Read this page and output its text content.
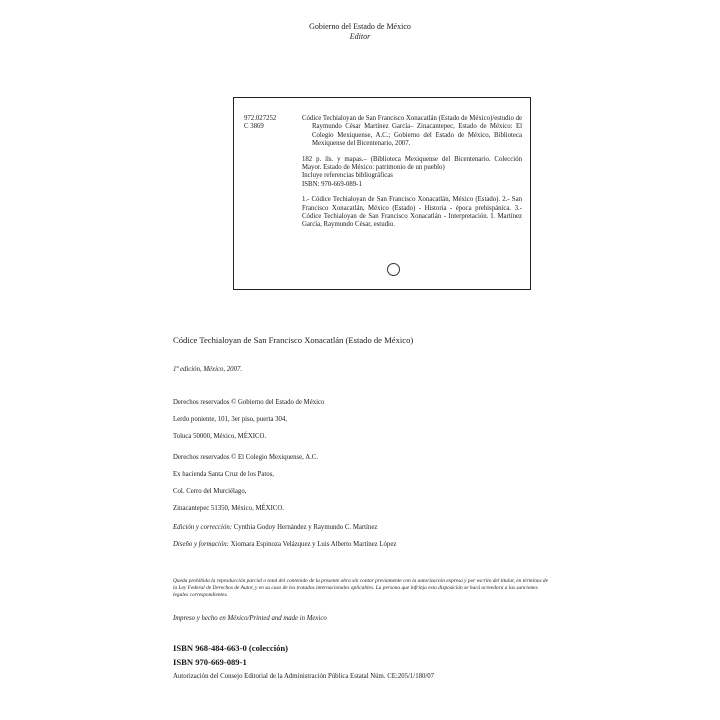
Gobierno del Estado de México
Editor
972.027252
C 3869
Códice Techialoyan de San Francisco Xonacatlán (Estado de México)/estudio de Raymundo César Martínez García– Zinacantepec, Estado de México: El Colegio Mexiquense, A.C.; Gobierno del Estado de México, Biblioteca Mexiquense del Bicentenario, 2007.
182 p. ils. y mapas.– (Biblioteca Mexiquense del Bicentenario. Colección Mayor. Estado de México: patrimonio de un pueblo)
Incluye referencias bibliográficas
ISBN: 970-669-089-1
1.- Códice Techialoyan de San Francisco Xonacatlán, México (Estado). 2.- San Francisco Xonacatlán, México (Estado) - Historia - época prehispánica. 3.- Códice Techialoyan de San Francisco Xonacatlán - Interpretación. I. Martínez García, Raymundo César, estudio.
Códice Techialoyan de San Francisco Xonacatlán (Estado de México)
1ª edición, México, 2007.
Derechos reservados © Gobierno del Estado de México
Lerdo poniente, 101, 3er piso, puerta 304,
Toluca 50000, México, MÉXICO.
Derechos reservados © El Colegio Mexiquense, A.C.
Ex hacienda Santa Cruz de los Patos,
Col. Cerro del Murciélago,
Zinacantepec 51350, México, MÉXICO.
Edición y corrección: Cynthia Godoy Hernández y Raymundo C. Martínez
Diseño y formación: Xiomara Espinoza Velázquez y Luis Alberto Martínez López
Queda prohibida la reproducción parcial o total del contenido de la presente obra sin contar previamente con la autorización expresa y por escrito del titular, en términos de la Ley Federal de Derechos de Autor, y en su caso de los tratados internacionales aplicables. La persona que infrinja esta disposición se hará acreedora a las sanciones legales correspondientes.
Impreso y hecho en México/Printed and made in Mexico
ISBN 968-484-663-0 (colección)
ISBN 970-669-089-1
Autorización del Consejo Editorial de la Administración Pública Estatal Núm. CE:205/1/180/07
